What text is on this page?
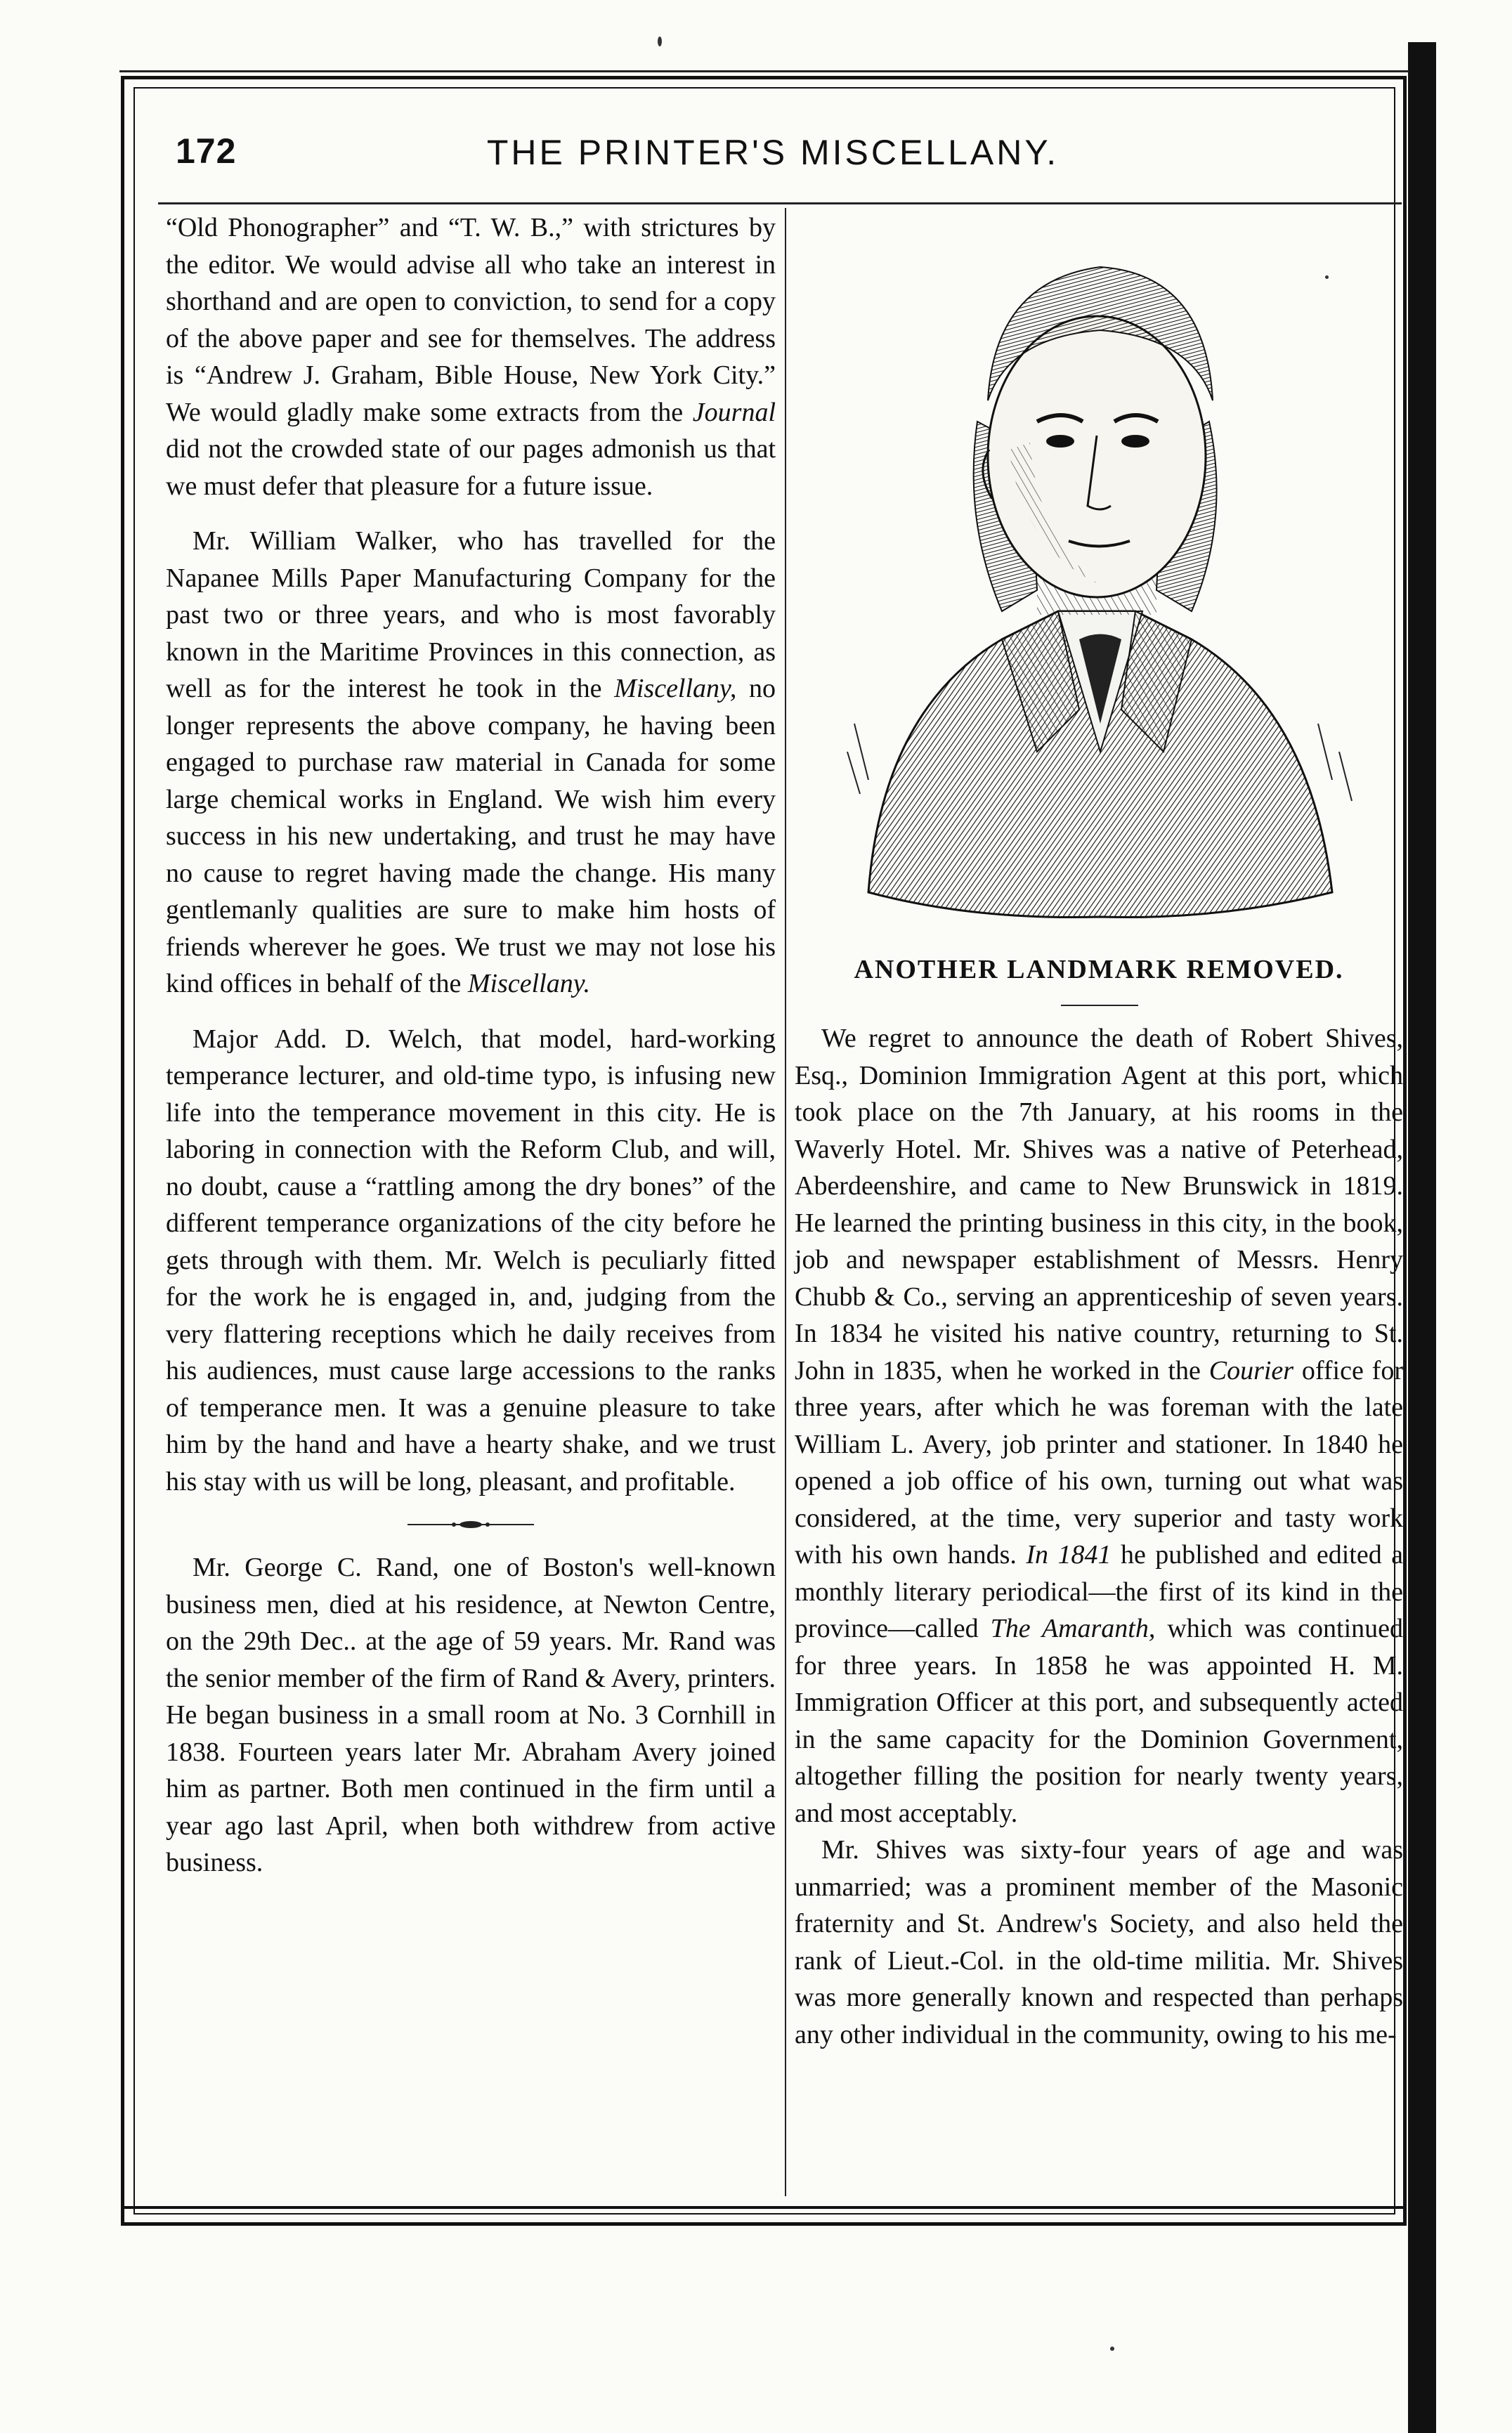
172	THE PRINTER'S MISCELLANY.

“Old Phonographer” and “T. W. B.,” with strictures by the editor. We would advise all who take an interest in shorthand and are open to conviction, to send for a copy of the above paper and see for themselves. The address is “Andrew J. Graham, Bible House, New York City.” We would gladly make some extracts from the Journal did not the crowded state of our pages admonish us that we must defer that pleasure for a future issue.

Mr. William Walker, who has travelled for the Napanee Mills Paper Manufacturing Company for the past two or three years, and who is most favorably known in the Maritime Provinces in this connection, as well as for the interest he took in the Miscellany, no longer represents the above company, he having been engaged to purchase raw material in Canada for some large chemical works in England. We wish him every success in his new undertaking, and trust he may have no cause to regret having made the change. His many gentlemanly qualities are sure to make him hosts of friends wherever he goes. We trust we may not lose his kind offices in behalf of the Miscellany.

Major Add. D. Welch, that model, hard-working temperance lecturer, and old-time typo, is infusing new life into the temperance movement in this city. He is laboring in connection with the Reform Club, and will, no doubt, cause a “rattling among the dry bones” of the different temperance organizations of the city before he gets through with them. Mr. Welch is peculiarly fitted for the work he is engaged in, and, judging from the very flattering receptions which he daily receives from his audiences, must cause large accessions to the ranks of temperance men. It was a genuine pleasure to take him by the hand and have a hearty shake, and we trust his stay with us will be long, pleasant, and profitable.

Mr. George C. Rand, one of Boston's well-known business men, died at his residence, at Newton Centre, on the 29th Dec.. at the age of 59 years. Mr. Rand was the senior member of the firm of Rand & Avery, printers. He began business in a small room at No. 3 Cornhill in 1838. Fourteen years later Mr. Abraham Avery joined him as partner. Both men continued in the firm until a year ago last April, when both withdrew from active business.

ANOTHER LANDMARK REMOVED.

We regret to announce the death of Robert Shives, Esq., Dominion Immigration Agent at this port, which took place on the 7th January, at his rooms in the Waverly Hotel. Mr. Shives was a native of Peterhead, Aberdeenshire, and came to New Brunswick in 1819. He learned the printing business in this city, in the book, job and newspaper establishment of Messrs. Henry Chubb & Co., serving an apprenticeship of seven years. In 1834 he visited his native country, returning to St. John in 1835, when he worked in the Courier office for three years, after which he was foreman with the late William L. Avery, job printer and stationer. In 1840 he opened a job office of his own, turning out what was considered, at the time, very superior and tasty work with his own hands. In 1841 he published and edited a monthly literary periodical—the first of its kind in the province—called The Amaranth, which was continued for three years. In 1858 he was appointed H. M. Immigration Officer at this port, and subsequently acted in the same capacity for the Dominion Government, altogether filling the position for nearly twenty years, and most acceptably.

Mr. Shives was sixty-four years of age and was unmarried; was a prominent member of the Masonic fraternity and St. Andrew's Society, and also held the rank of Lieut.-Col. in the old-time militia. Mr. Shives was more generally known and respected than perhaps any other individual in the community, owing to his me-
